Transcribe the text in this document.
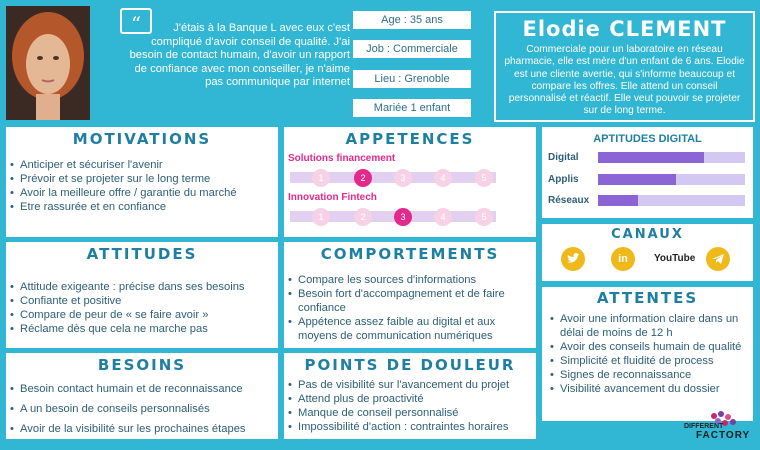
“	J'étais à la Banque L avec eux c'est compliqué d'avoir conseil de qualité. J'ai besoin de contact humain, d'avoir un rapport de confiance avec mon conseiller, je n'aime pas communique par internet
Age : 35 ans
Job : Commerciale
Lieu : Grenoble
Mariée 1 enfant
Elodie CLEMENT
Commerciale pour un laboratoire en réseau pharmacie, elle est mère d'un enfant de 6 ans. Elodie est une cliente avertie, qui s'informe beaucoup et compare les offres. Elle attend un conseil personnalisé et réactif. Elle veut pouvoir se projeter sur de long terme.
MOTIVATIONS
• Anticiper et sécuriser l'avenir
• Prévoir et se projeter sur le long terme
• Avoir la meilleure offre / garantie du marché
• Etre rassurée et en confiance
APPETENCES
Solutions financement
1	2	3	4	5
Innovation Fintech
1	2	3	4	5
APTITUDES DIGITAL
Digital
Applis
Réseaux
ATTITUDES
• Attitude exigeante : précise dans ses besoins
• Confiante et positive
• Compare de peur de « se faire avoir »
• Réclame dès que cela ne marche pas
COMPORTEMENTS
• Compare les sources d'informations
• Besoin fort d'accompagnement et de faire confiance
• Appétence assez faible au digital et aux moyens de communication numériques
CANAUX
in	YouTube
ATTENTES
• Avoir une information claire dans un délai de moins de 12 h
• Avoir des conseils humain de qualité
• Simplicité et fluidité de process
• Signes de reconnaissance
• Visibilité avancement du dossier
BESOINS
• Besoin contact humain et de reconnaissance
• A un besoin de conseils personnalisés
• Avoir de la visibilité sur les prochaines étapes
POINTS DE DOULEUR
• Pas de visibilité sur l'avancement du projet
• Attend plus de proactivité
• Manque de conseil personnalisé
• Impossibilité d'action : contraintes horaires	DIFFERENT
FACTORY
